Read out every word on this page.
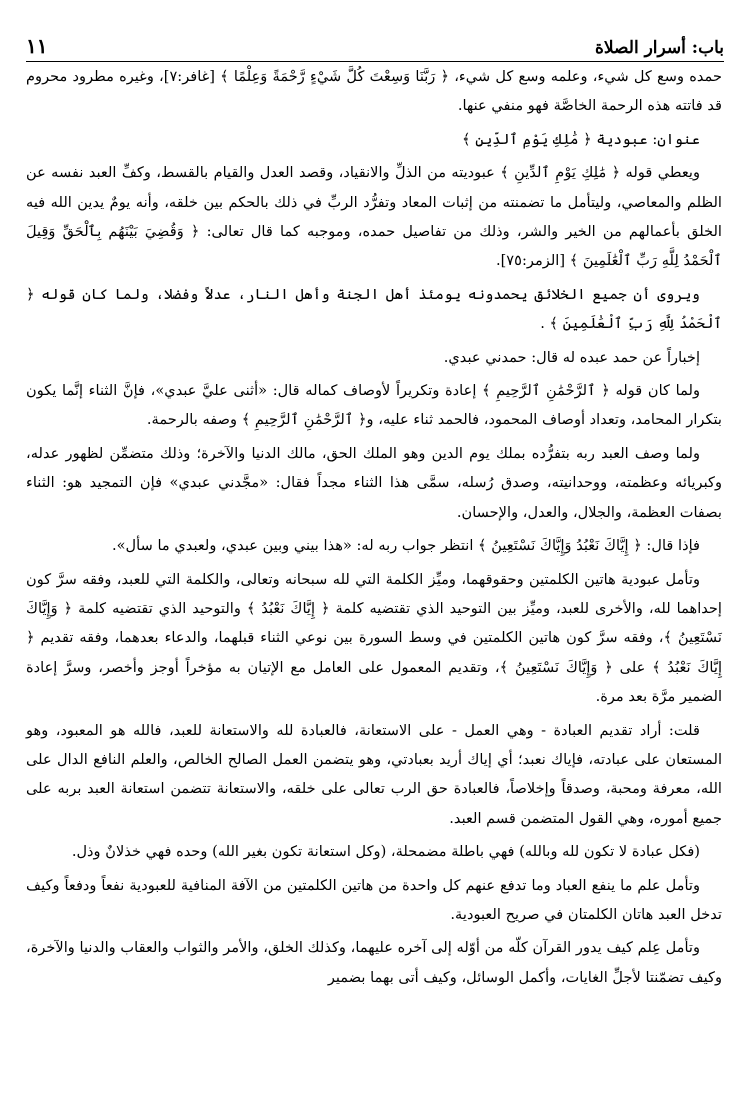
باب: أسرار الصلاة
١١

حمده وسع كل شيء، وعلمه وسع كل شيء، ﴿ رَبَّنَا وَسِعْتَ كُلَّ شَيْءٍ رَّحْمَةً وَعِلْمًا ﴾ [غافر:٧]، وغيره مطرود محروم قد فاتته هذه الرحمة الخاصَّة فهو منفي عنها.

عنوان: عبودية ﴿ مَٰلِكِ يَوْمِ ٱلدِّينِ ﴾

ويعطي قوله ﴿ مَٰلِكِ يَوْمِ ٱلدِّينِ ﴾ عبوديته من الذلِّ والانقياد، وقصد العدل والقيام بالقسط، وكفِّ العبد نفسه عن الظلم والمعاصي، وليتأمل ما تضمنته من إثبات المعاد وتفرُّد الربِّ في ذلك بالحكم بين خلقه، وأنه يومٌ يدين الله فيه الخلق بأعمالهم من الخير والشر، وذلك من تفاصيل حمده، وموجبه كما قال تعالى: ﴿ وَقُضِيَ بَيْنَهُم بِٱلْحَقِّ وَقِيلَ ٱلْحَمْدُ لِلَّهِ رَبِّ ٱلْعَٰلَمِينَ ﴾ [الزمر:٧٥].

ويروى أن جميع الخلائق يحمدونه يومئذ أهل الجنة وأهل النار، عدلاً وفضلا، ولما كان قوله ﴿ ٱلْحَمْدُ لِلَّهِ رَبِّ ٱلْعَٰلَمِينَ ﴾ .

إخباراً عن حمد عبده له قال: حمدني عبدي.

ولما كان قوله ﴿ ٱلرَّحْمَٰنِ ٱلرَّحِيمِ ﴾ إعادة وتكريراً لأوصاف كماله قال: «أثنى عليَّ عبدي»، فإنَّ الثناء إنَّما يكون بتكرار المحامد، وتعداد أوصاف المحمود، فالحمد ثناء عليه، و﴿ ٱلرَّحْمَٰنِ ٱلرَّحِيمِ ﴾ وصفه بالرحمة.

ولما وصف العبد ربه بتفرُّده بملك يوم الدين وهو الملك الحق، مالك الدنيا والآخرة؛ وذلك متضمِّن لظهور عدله، وكبريائه وعظمته، ووحدانيته، وصدق رُسله، سمَّى هذا الثناء مجداً فقال: «مجَّدني عبدي» فإن التمجيد هو: الثناء بصفات العظمة، والجلال، والعدل، والإحسان.

فإذا قال: ﴿ إِيَّاكَ نَعْبُدُ وَإِيَّاكَ نَسْتَعِينُ ﴾ انتظر جواب ربه له: «هذا بيني وبين عبدي، ولعبدي ما سأل».

وتأمل عبودية هاتين الكلمتين وحقوقهما، وميِّز الكلمة التي لله سبحانه وتعالى، والكلمة التي للعبد، وفقه سرَّ كون إحداهما لله، والأخرى للعبد، وميِّز بين التوحيد الذي تقتضيه كلمة ﴿ إِيَّاكَ نَعْبُدُ ﴾ والتوحيد الذي تقتضيه كلمة ﴿ وَإِيَّاكَ نَسْتَعِينُ ﴾، وفقه سرَّ كون هاتين الكلمتين في وسط السورة بين نوعي الثناء قبلهما، والدعاء بعدهما، وفقه تقديم ﴿ إِيَّاكَ نَعْبُدُ ﴾ على ﴿ وَإِيَّاكَ نَسْتَعِينُ ﴾، وتقديم المعمول على العامل مع الإتيان به مؤخراً أوجز وأخصر، وسرَّ إعادة الضمير مرَّة بعد مرة.

قلت: أراد تقديم العبادة - وهي العمل - على الاستعانة، فالعبادة لله والاستعانة للعبد، فالله هو المعبود، وهو المستعان على عبادته، فإياك نعبد؛ أي إياك أريد بعبادتي، وهو يتضمن العمل الصالح الخالص، والعلم النافع الدال على الله، معرفة ومحبة، وصدقاً وإخلاصاً، فالعبادة حق الرب تعالى على خلقه، والاستعانة تتضمن استعانة العبد بربه على جميع أموره، وهي القول المتضمن قسم العبد.

(فكل عبادة لا تكون لله وبالله) فهي باطلة مضمحلة، (وكل استعانة تكون بغير الله) وحده فهي خذلانٌ وذل.

وتأمل علم ما ينفع العباد وما تدفع عنهم كل واحدة من هاتين الكلمتين من الآفة المنافية للعبودية نفعاً ودفعاً وكيف تدخل العبد هاتان الكلمتان في صريح العبودية.

وتأمل عِلم كيف يدور القرآن كلّه من أوّله إلى آخره عليهما، وكذلك الخلق، والأمر والثواب والعقاب والدنيا والآخرة، وكيف تضمّنتا لأجلِّ الغايات، وأكمل الوسائل، وكيف أتى بهما بضمير
